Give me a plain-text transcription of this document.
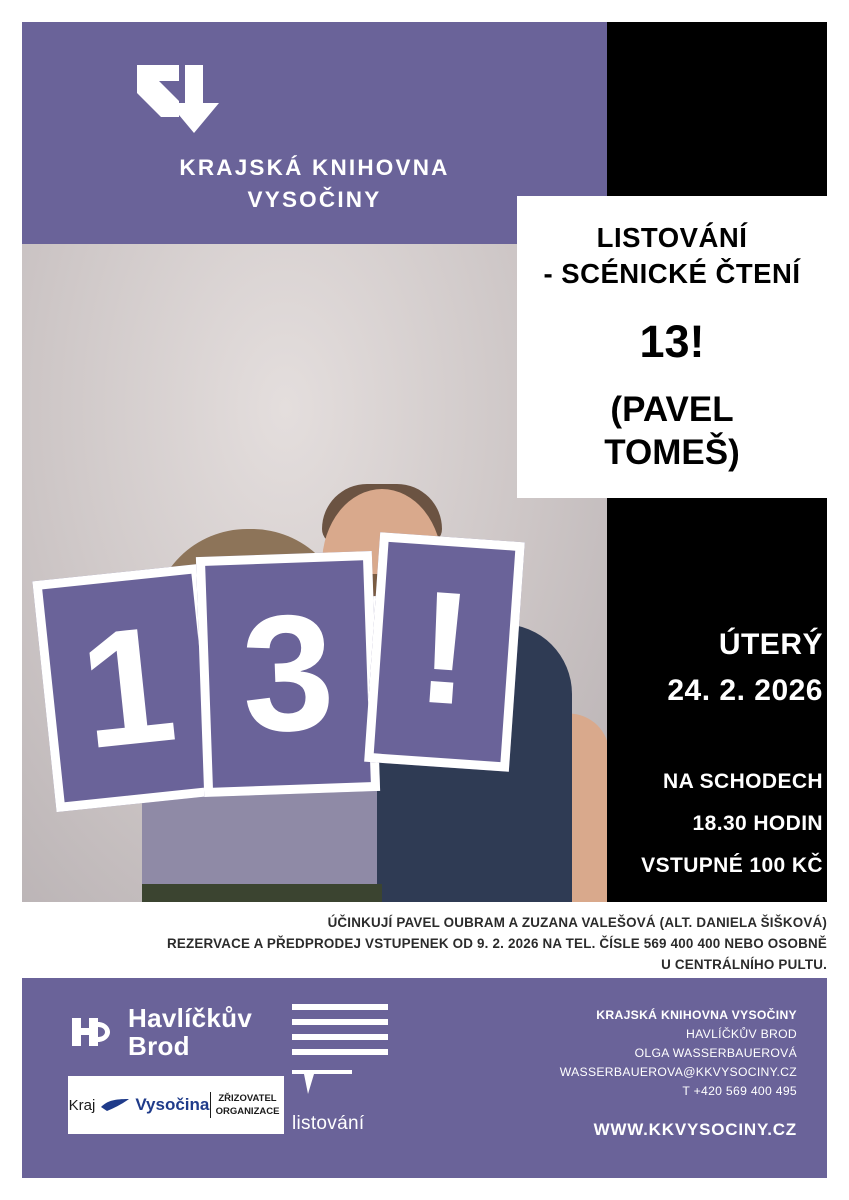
KRAJSKÁ KNIHOVNA
VYSOČINY
1 3 !
LISTOVÁNÍ
- SCÉNICKÉ ČTENÍ
13!
(PAVEL
TOMEŠ)
ÚTERÝ
24. 2. 2026
NA SCHODECH
18.30 HODIN
VSTUPNÉ 100 KČ
ÚČINKUJÍ PAVEL OUBRAM A ZUZANA VALEŠOVÁ (ALT. DANIELA ŠIŠKOVÁ)
REZERVACE A PŘEDPRODEJ VSTUPENEK OD 9. 2. 2026 NA TEL. ČÍSLE 569 400 400 NEBO OSOBNĚ
U CENTRÁLNÍHO PULTU.
Havlíčkův
Brod
Kraj Vysočina ZŘIZOVATEL
ORGANIZACE
listování
KRAJSKÁ KNIHOVNA VYSOČINY
HAVLÍČKŮV BROD
OLGA WASSERBAUEROVÁ
WASSERBAUEROVA@KKVYSOCINY.CZ
T +420 569 400 495
WWW.KKVYSOCINY.CZ
